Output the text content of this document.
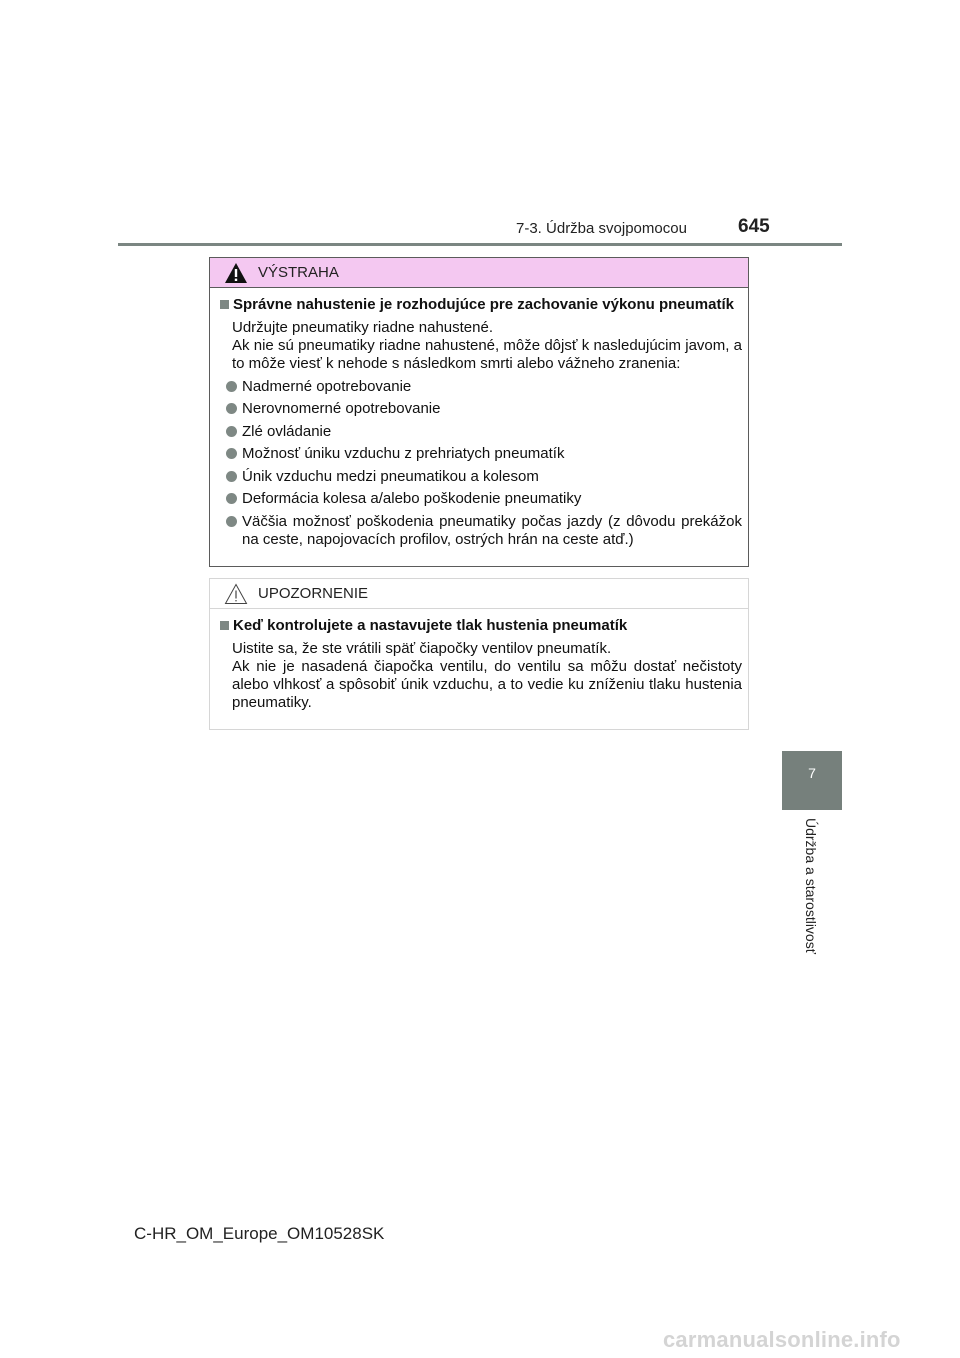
7-3. Údržba svojpomocou	645
7
Údržba a starostlivosť
VÝSTRAHA
Správne nahustenie je rozhodujúce pre zachovanie výkonu pneumatík
Udržujte pneumatiky riadne nahustené.
Ak nie sú pneumatiky riadne nahustené, môže dôjsť k nasledujúcim javom, a to môže viesť k nehode s následkom smrti alebo vážneho zranenia:
Nadmerné opotrebovanie
Nerovnomerné opotrebovanie
Zlé ovládanie
Možnosť úniku vzduchu z prehriatych pneumatík
Únik vzduchu medzi pneumatikou a kolesom
Deformácia kolesa a/alebo poškodenie pneumatiky
Väčšia možnosť poškodenia pneumatiky počas jazdy (z dôvodu prekážok na ceste, napojovacích profilov, ostrých hrán na ceste atď.)
UPOZORNENIE
Keď kontrolujete a nastavujete tlak hustenia pneumatík
Uistite sa, že ste vrátili späť čiapočky ventilov pneumatík.
Ak nie je nasadená čiapočka ventilu, do ventilu sa môžu dostať nečistoty alebo vlhkosť a spôsobiť únik vzduchu, a to vedie ku zníženiu tlaku hustenia pneumatiky.
C-HR_OM_Europe_OM10528SK
carmanualsonline.info
